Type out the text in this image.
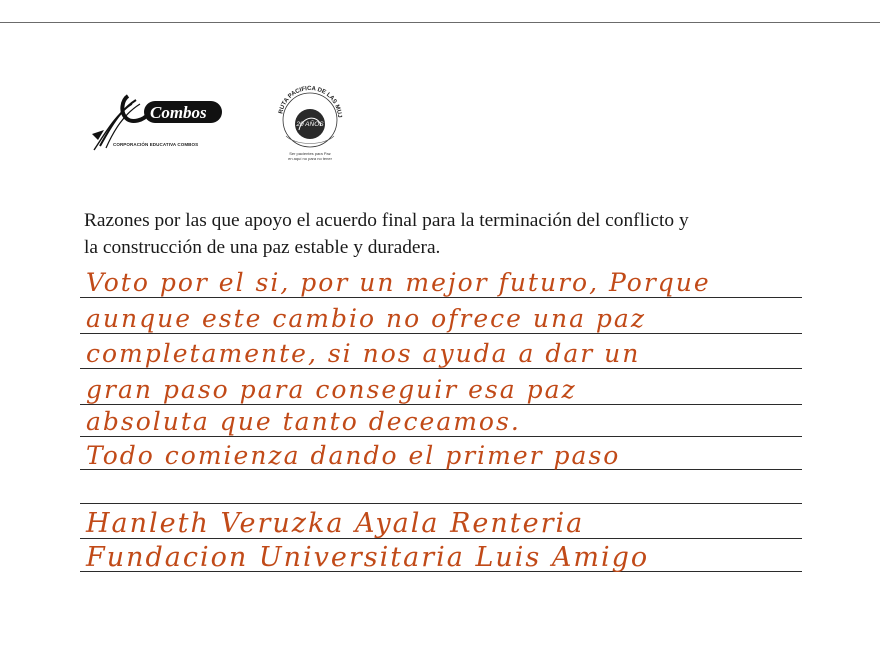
Combos
CORPORACIÓN EDUCATIVA COMBOS
RUTA PACIFICA DE LAS MUJ
20 AÑOS
Ser pacientes para Paz
en aquí no para no tener
Razones por las que apoyo el acuerdo final para la terminación del conflicto y
la construcción de una paz estable y duradera.
Voto por el si, por un mejor futuro, Porque
aunque este cambio no ofrece una paz
completamente, si nos ayuda a dar un
gran paso para conseguir esa paz
absoluta que tanto deceamos.
Todo comienza dando el primer paso
Hanleth Veruzka Ayala Renteria
Fundacion Universitaria Luis Amigo
